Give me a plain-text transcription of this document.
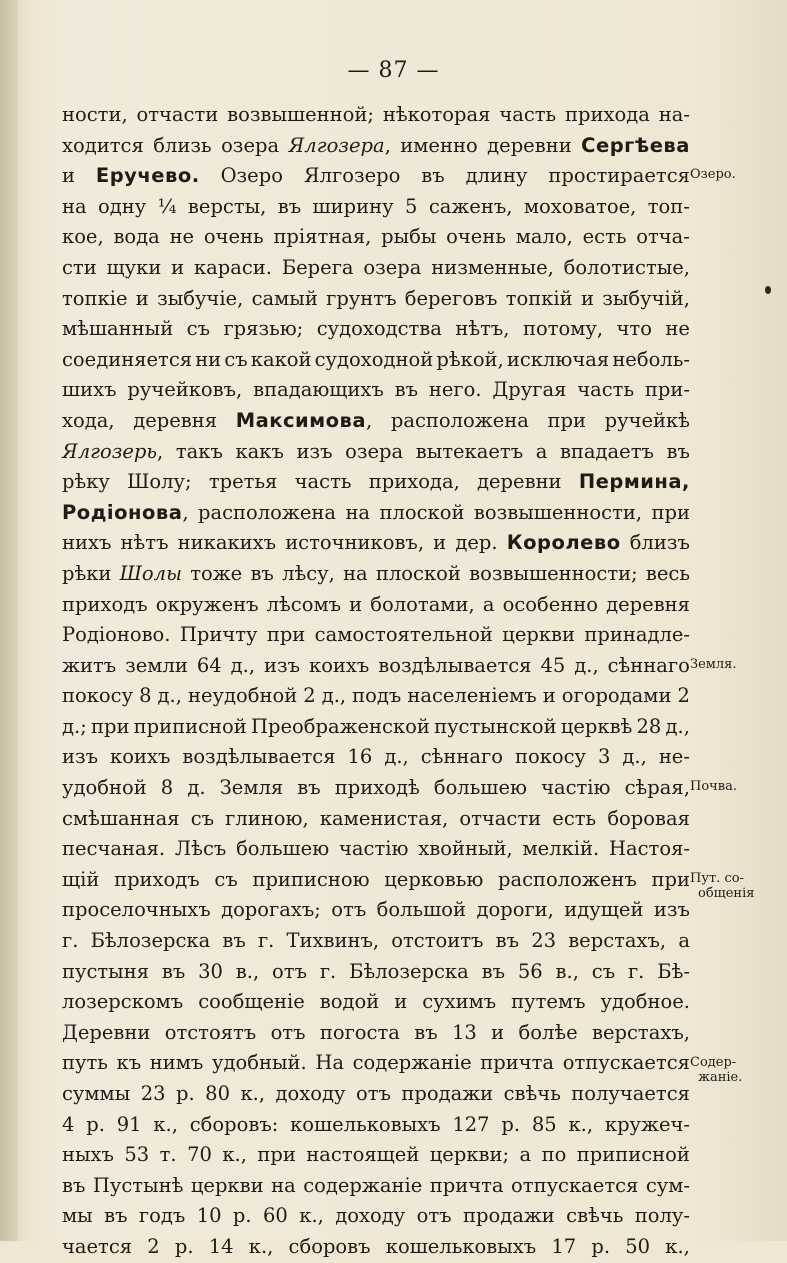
— 87 —
ности, отчасти возвышенной; нѣкоторая часть прихода на-
ходится близь озера Ялгозера, именно деревни Сергѣева
и Еручево. Озеро Ялгозеро въ длину простирается
на одну ¼ версты, въ ширину 5 саженъ, моховатое, топ-
кое, вода не очень пріятная, рыбы очень мало, есть отча-
сти щуки и караси. Берега озера низменные, болотистые,
топкіе и зыбучіе, самый грунтъ береговъ топкій и зыбучій,
мѣшанный съ грязью; судоходства нѣтъ, потому, что не
соединяется ни съ какой судоходной рѣкой, исключая неболь-
шихъ ручейковъ, впадающихъ въ него. Другая часть при-
хода, деревня Максимова, расположена при ручейкѣ
Ялгозерь, такъ какъ изъ озера вытекаетъ а впадаетъ въ
рѣку Шолу; третья часть прихода, деревни Пермина,
Родіонова, расположена на плоской возвышенности, при
нихъ нѣтъ никакихъ источниковъ, и дер. Королево близъ
рѣки Шолы тоже въ лѣсу, на плоской возвышенности; весь
приходъ окруженъ лѣсомъ и болотами, а особенно деревня
Родіоново. Причту при самостоятельной церкви принадле-
житъ земли 64 д., изъ коихъ воздѣлывается 45 д., сѣннаго
покосу 8 д., неудобной 2 д., подъ населеніемъ и огородами 2
д.; при приписной Преображенской пустынской церквѣ 28 д.,
изъ коихъ воздѣлывается 16 д., сѣннаго покосу 3 д., не-
удобной 8 д. Земля въ приходѣ большею частію сѣрая,
смѣшанная съ глиною, каменистая, отчасти есть боровая
песчаная. Лѣсъ большею частію хвойный, мелкій. Настоя-
щій приходъ съ приписною церковью расположенъ при
проселочныхъ дорогахъ; отъ большой дороги, идущей изъ
г. Бѣлозерска въ г. Тихвинъ, отстоитъ въ 23 верстахъ, а
пустыня въ 30 в., отъ г. Бѣлозерска въ 56 в., съ г. Бѣ-
лозерскомъ сообщеніе водой и сухимъ путемъ удобное.
Деревни отстоятъ отъ погоста въ 13 и болѣе верстахъ,
путь къ нимъ удобный. На содержаніе причта отпускается
суммы 23 р. 80 к., доходу отъ продажи свѣчь получается
4 р. 91 к., сборовъ: кошельковыхъ 127 р. 85 к., кружеч-
ныхъ 53 т. 70 к., при настоящей церкви; а по приписной
въ Пустынѣ церкви на содержаніе причта отпускается сум-
мы въ годъ 10 р. 60 к., доходу отъ продажи свѣчь полу-
чается 2 р. 14 к., сборовъ кошельковыхъ 17 р. 50 к.,
Озеро.
Земля.
Почва.
Пут. со-
общенія
Содер-
жаніе.
